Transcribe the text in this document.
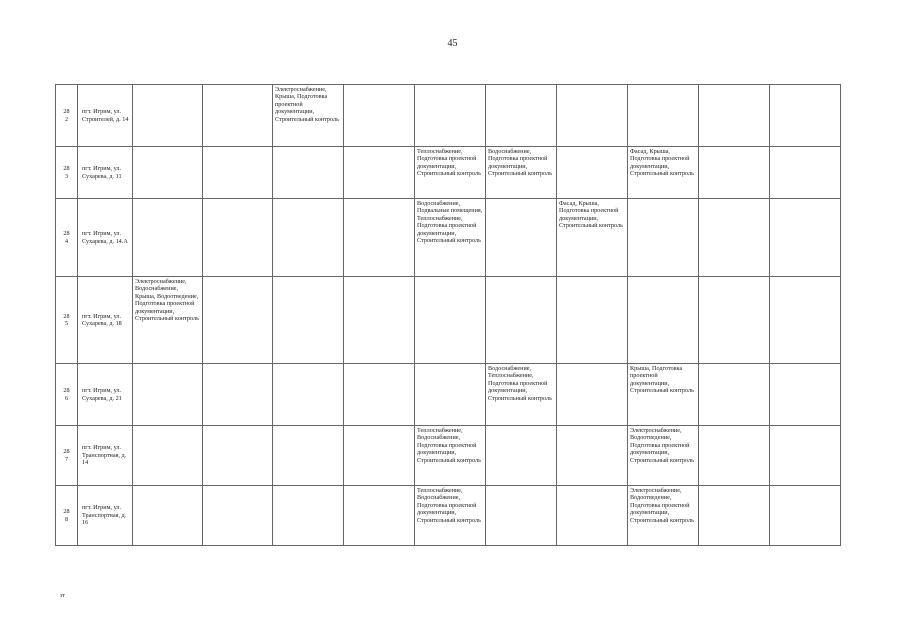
45
28
2	пгт. Игрим, ул. Строителей, д. 14			Электроснабжение, Крыша, Подготовка проектной документации, Строительный контроль							
28
3	пгт. Игрим, ул. Сухарева, д. 11					Теплоснабжение, Подготовка проектной документации, Строительный контроль	Водоснабжение, Подготовка проектной документации, Строительный контроль		Фасад, Крыша, Подготовка проектной документации, Строительный контроль		
28
4	пгт. Игрим, ул. Сухарева, д. 14.А					Водоснабжение, Подвальные помещения, Теплоснабжение, Подготовка проектной документации, Строительный контроль		Фасад, Крыша, Подготовка проектной документации, Строительный контроль			
28
5	пгт. Игрим, ул. Сухарева, д. 18	Электроснабжение, Водоснабжение, Крыша, Водоотведение, Подготовка проектной документации, Строительный контроль									
28
6	пгт. Игрим, ул. Сухарева, д. 21						Водоснабжение, Теплоснабжение, Подготовка проектной документации, Строительный контроль		Крыша, Подготовка проектной документации, Строительный контроль		
28
7	пгт. Игрим, ул. Транспортная, д. 14					Теплоснабжение, Водоснабжение, Подготовка проектной документации, Строительный контроль			Электроснабжение, Водоотведение, Подготовка проектной документации, Строительный контроль		
28
8	пгт. Игрим, ул. Транспортная, д. 16					Теплоснабжение, Водоснабжение, Подготовка проектной документации, Строительный контроль			Электроснабжение, Водоотведение, Подготовка проектной документации, Строительный контроль		
зт
